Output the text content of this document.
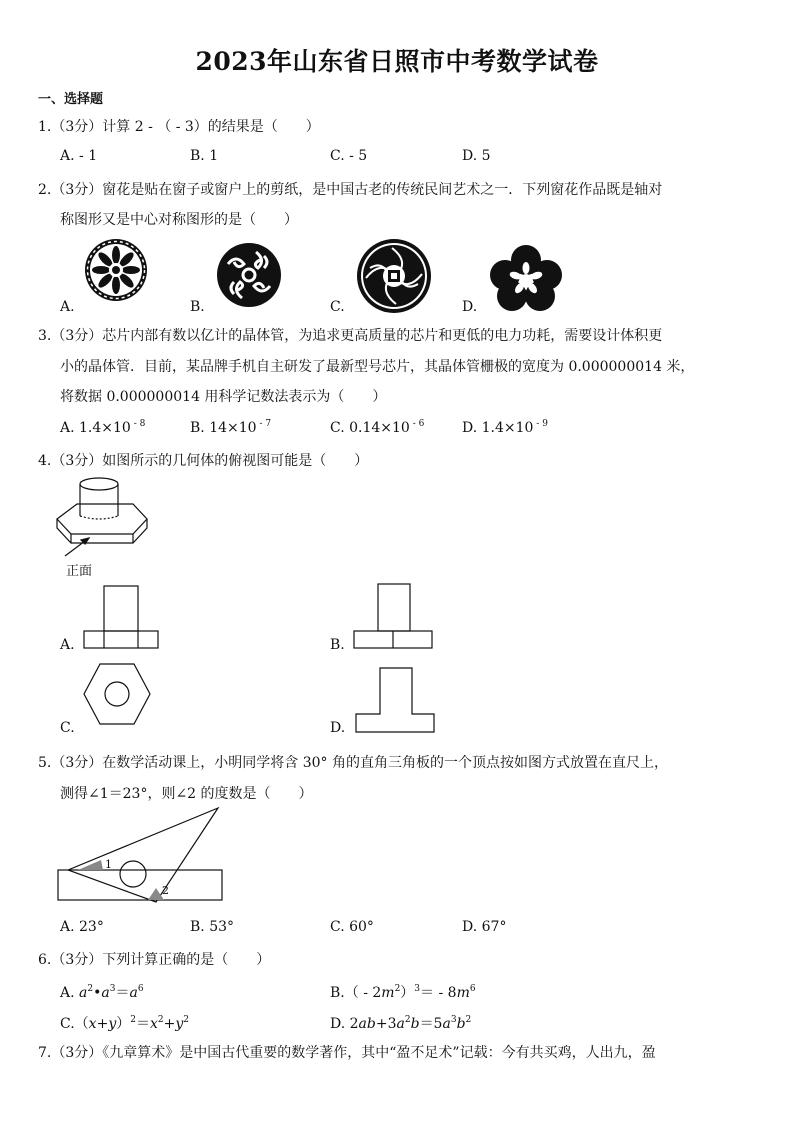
2023年山东省日照市中考数学试卷
一、选择题
1.（3分）计算 2 - （ - 3）的结果是（　　）
A. - 1	B. 1	C. - 5	D. 5
2.（3分）窗花是贴在窗子或窗户上的剪纸，是中国古老的传统民间艺术之一．下列窗花作品既是轴对
称图形又是中心对称图形的是（　　）
A.	B.	C.	D.
3.（3分）芯片内部有数以亿计的晶体管，为追求更高质量的芯片和更低的电力功耗，需要设计体积更
小的晶体管．目前，某品牌手机自主研发了最新型号芯片，其晶体管栅极的宽度为 0.000000014 米，
将数据 0.000000014 用科学记数法表示为（　　）
A. 1.4×10 $^{- 8}$	B. 14×10 $^{- 7}$	C. 0.14×10 $^{- 6}$	D. 1.4×10 $^{- 9}$
4.（3分）如图所示的几何体的俯视图可能是（　　）
正面
A.	B.
C.	D.
5.（3分）在数学活动课上，小明同学将含 30° 角的直角三角板的一个顶点按如图方式放置在直尺上，
测得∠1＝23°，则∠2 的度数是（　　）
1
2
A. 23°	B. 53°	C. 60°	D. 67°
6.（3分）下列计算正确的是（　　）
A. $a^2•a^3=a^6$	$B.( - 2m^2)^3= - 8m^6$
$C.(x+y)^2=x^2+y^2$	D. $2ab+3a^2b=5a^3b^2$
7.（3分）《九章算术》是中国古代重要的数学著作，其中“盈不足术”记载：今有共买鸡，人出九，盈
